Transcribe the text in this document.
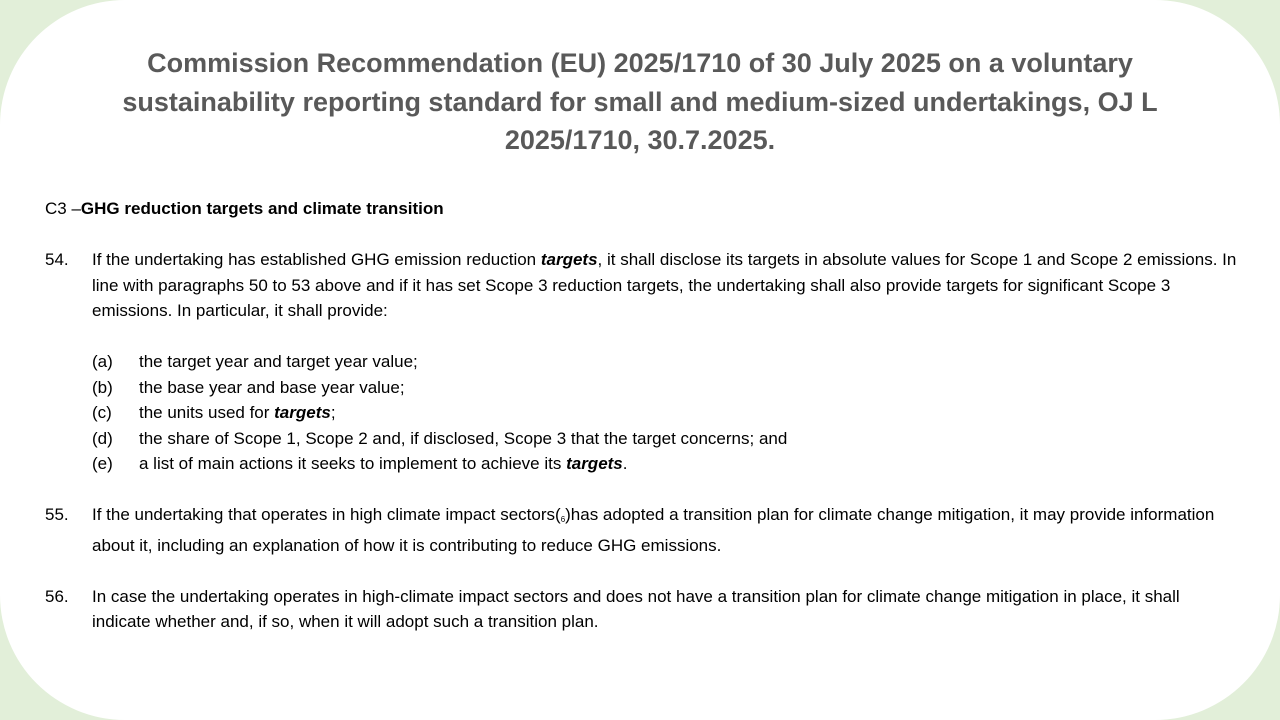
Commission Recommendation (EU) 2025/1710 of 30 July 2025 on a voluntary sustainability reporting standard for small and medium-sized undertakings, OJ L 2025/1710, 30.7.2025.

C3 –GHG reduction targets and climate transition

54. If the undertaking has established GHG emission reduction targets, it shall disclose its targets in absolute values for Scope 1 and Scope 2 emissions. In line with paragraphs 50 to 53 above and if it has set Scope 3 reduction targets, the undertaking shall also provide targets for significant Scope 3 emissions. In particular, it shall provide:
(a) the target year and target year value;
(b) the base year and base year value;
(c) the units used for targets;
(d) the share of Scope 1, Scope 2 and, if disclosed, Scope 3 that the target concerns; and
(e) a list of main actions it seeks to implement to achieve its targets.
55. If the undertaking that operates in high climate impact sectors(6)has adopted a transition plan for climate change mitigation, it may provide information about it, including an explanation of how it is contributing to reduce GHG emissions.
56. In case the undertaking operates in high-climate impact sectors and does not have a transition plan for climate change mitigation in place, it shall indicate whether and, if so, when it will adopt such a transition plan.
